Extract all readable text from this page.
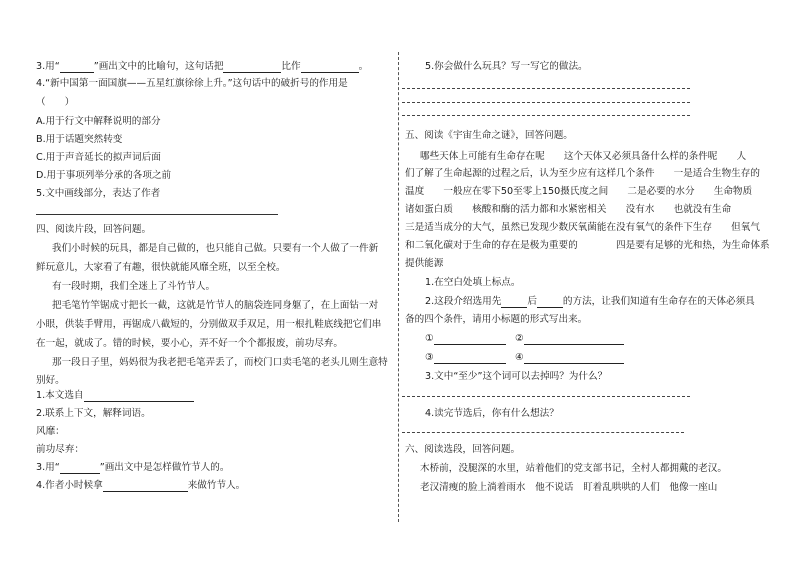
3.用“	”画出文中的比喻句，这句话把	比作	。
4.“新中国第一面国旗——五星红旗徐徐上升。”这句话中的破折号的作用是
（　　）
A.用于行文中解释说明的部分
B.用于话题突然转变
C.用于声音延长的拟声词后面
D.用于事项列举分承的各项之前
5.文中画线部分，表达了作者
四、阅读片段，回答问题。
我们小时候的玩具，都是自己做的，也只能自己做。只要有一个人做了一件新
鲜玩意儿，大家看了有趣，很快就能风靡全班，以至全校。
有一段时期，我们全迷上了斗竹节人。
把毛笔竹竿锯成寸把长一截，这就是竹节人的脑袋连同身躯了，在上面钻一对
小眼，供装手臂用，再锯成八截短的，分别做双手双足，用一根扎鞋底线把它们串
在一起，就成了。错的时候，要小心，弄不好一个个都报废，前功尽弃。
那一段日子里，妈妈很为我老把毛笔弄丢了，而校门口卖毛笔的老头儿则生意特
别好。
1.本文选自
2.联系上下文，解释词语。
风靡：
前功尽弃：
3.用“	”画出文中是怎样做竹节人的。
4.作者小时候拿	来做竹节人。
5.你会做什么玩具？写一写它的做法。
五、阅读《宇宙生命之谜》，回答问题。
哪些天体上可能有生命存在呢　　这个天体又必须具备什么样的条件呢　　人
们了解了生命起源的过程之后，认为至少应有这样几个条件　　一是适合生物生存的
温度　　一般应在零下50至零上150摄氏度之间　　二是必要的水分　　生命物质
诸如蛋白质　　核酸和酶的活力都和水紧密相关　　没有水　　也就没有生命
三是适当成分的大气，虽然已发现少数厌氧菌能在没有氧气的条件下生存　　但氧气
和二氧化碳对于生命的存在是极为重要的　　　　四是要有足够的光和热，为生命体系
提供能源
1.在空白处填上标点。
2.这段介绍选用先	后	的方法，让我们知道有生命存在的天体必须具
备的四个条件，请用小标题的形式写出来。
①	②
③	④
3.文中“至少”这个词可以去掉吗？为什么？
4.读完节选后，你有什么想法？
六、阅读选段，回答问题。
木桥前，没腿深的水里，站着他们的党支部书记，全村人都拥戴的老汉。
老汉清瘦的脸上淌着雨水　他不说话　盯着乱哄哄的人们　他像一座山
